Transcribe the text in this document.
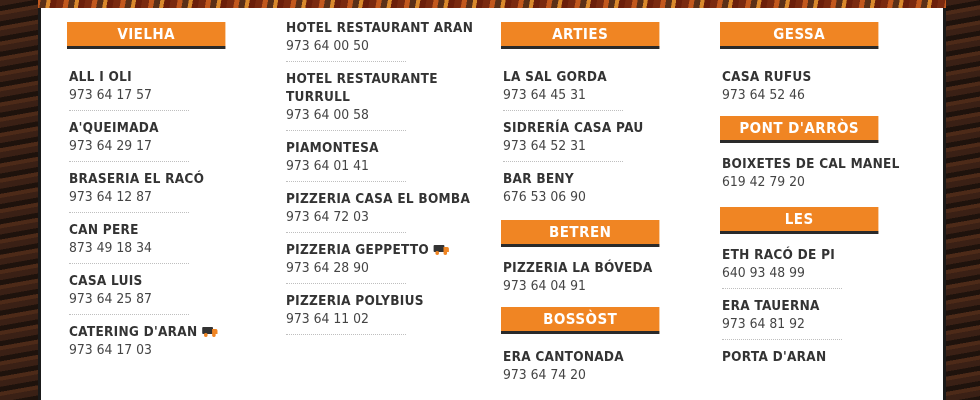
VIELHA
ALL I OLI
973 64 17 57
A'QUEIMADA
973 64 29 17
BRASERIA EL RACÓ
973 64 12 87
CAN PERE
873 49 18 34
CASA LUIS
973 64 25 87
CATERING D'ARAN
973 64 17 03
HOTEL RESTAURANT ARAN
973 64 00 50
HOTEL RESTAURANTE
TURRULL
973 64 00 58
PIAMONTESA
973 64 01 41
PIZZERIA CASA EL BOMBA
973 64 72 03
PIZZERIA GEPPETTO
973 64 28 90
PIZZERIA POLYBIUS
973 64 11 02
ARTIES
LA SAL GORDA
973 64 45 31
SIDRERÍA CASA PAU
973 64 52 31
BAR BENY
676 53 06 90
BETREN
PIZZERIA LA BÓVEDA
973 64 04 91
BOSSÒST
ERA CANTONADA
973 64 74 20
GESSA
CASA RUFUS
973 64 52 46
PONT D'ARRÒS
BOIXETES DE CAL MANEL
619 42 79 20
LES
ETH RACÓ DE PI
640 93 48 99
ERA TAUERNA
973 64 81 92
PORTA D'ARAN
